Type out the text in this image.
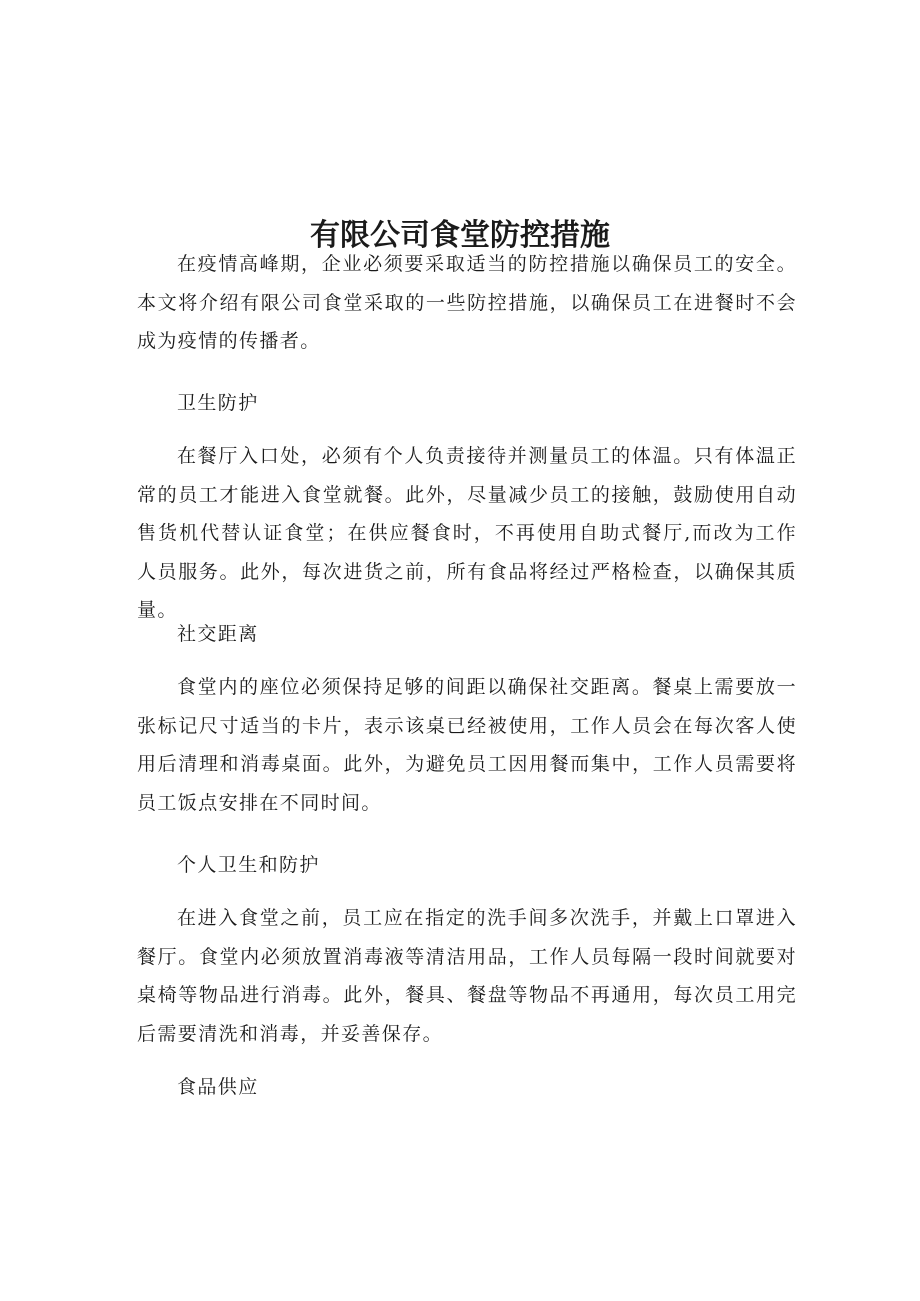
有限公司食堂防控措施

在疫情高峰期，企业必须要采取适当的防控措施以确保员工的安全。本文将介绍有限公司食堂采取的一些防控措施，以确保员工在进餐时不会成为疫情的传播者。

卫生防护

在餐厅入口处，必须有个人负责接待并测量员工的体温。只有体温正常的员工才能进入食堂就餐。此外，尽量减少员工的接触，鼓励使用自动售货机代替认证食堂；在供应餐食时，不再使用自助式餐厅,而改为工作人员服务。此外，每次进货之前，所有食品将经过严格检查，以确保其质量。

社交距离

食堂内的座位必须保持足够的间距以确保社交距离。餐桌上需要放一张标记尺寸适当的卡片，表示该桌已经被使用，工作人员会在每次客人使用后清理和消毒桌面。此外，为避免员工因用餐而集中，工作人员需要将员工饭点安排在不同时间。

个人卫生和防护

在进入食堂之前，员工应在指定的洗手间多次洗手，并戴上口罩进入餐厅。食堂内必须放置消毒液等清洁用品，工作人员每隔一段时间就要对桌椅等物品进行消毒。此外，餐具、餐盘等物品不再通用，每次员工用完后需要清洗和消毒，并妥善保存。

食品供应
